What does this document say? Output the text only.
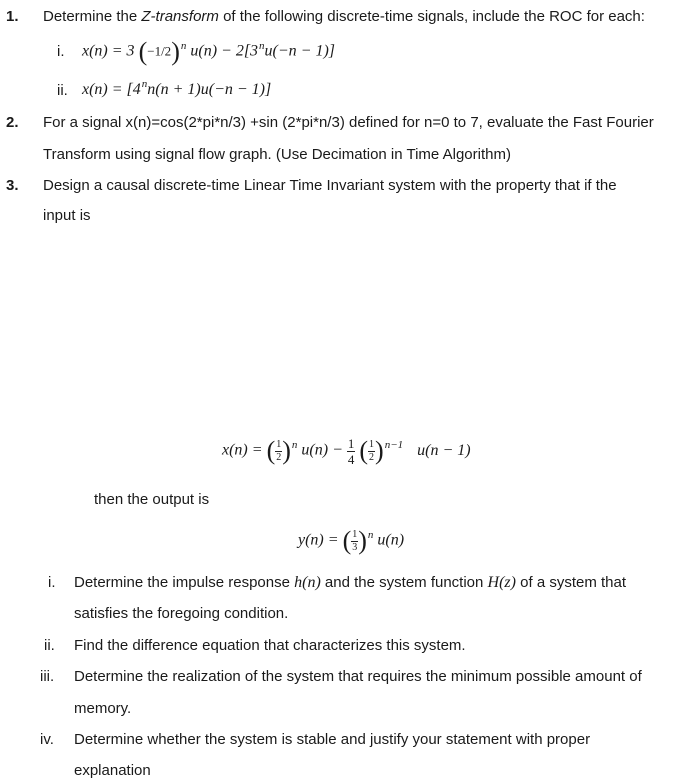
1. Determine the Z-transform of the following discrete-time signals, include the ROC for each:
i. x(n) = 3 $(-1/2)^n$ $u(n) - 2[3^nu(-n - 1)]$
ii. $x(n) = [4^nn(n + 1)u(-n - 1)]$
2. For a signal x(n)=cos(2*pi*n/3) +sin (2*pi*n/3) defined for n=0 to 7, evaluate the Fast Fourier
Transform using signal flow graph. (Use Decimation in Time Algorithm)
3. Design a causal discrete-time Linear Time Invariant system with the property that if the
input is
x(n) = ( $\frac{1}{2} )^n$ $u(n) - \frac{1}{4}$ ( $\frac{1}{2} )^{n-1}$ u(n − 1)
then the output is
y(n) = ( $\frac{1}{3} )^n$ u(n)
i. Determine the impulse response h(n) and the system function H(z) of a system that
satisfies the foregoing condition.
ii. Find the difference equation that characterizes this system.
iii. Determine the realization of the system that requires the minimum possible amount of
memory.
iv. Determine whether the system is stable and justify your statement with proper
explanation
